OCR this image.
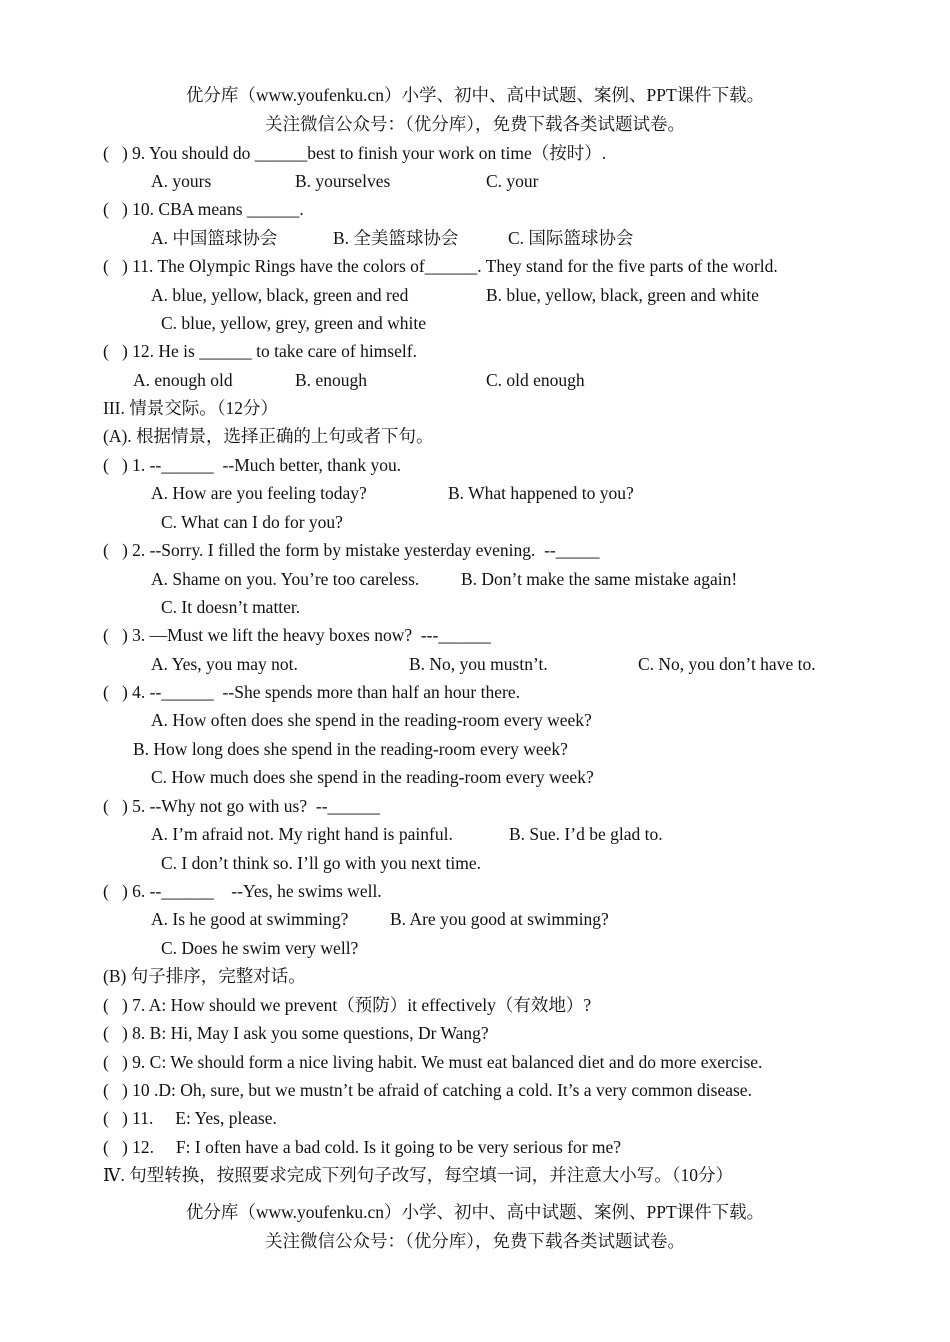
优分库（www.youfenku.cn）小学、初中、高中试题、案例、PPT课件下载。
关注微信公众号：（优分库），免费下载各类试题试卷。
(   ) 9. You should do ______best to finish your work on time（按时）.
A. yours	B. yourselves	C. your
(   ) 10. CBA means ______.
A. 中国篮球协会	B. 全美篮球协会	C. 国际篮球协会
(   ) 11. The Olympic Rings have the colors of______. They stand for the five parts of the world.
A. blue, yellow, black, green and red	B. blue, yellow, black, green and white
C. blue, yellow, grey, green and white
(   ) 12. He is ______ to take care of himself.
A. enough old	B. enough	C. old enough
III. 情景交际。（12分）
(A). 根据情景，选择正确的上句或者下句。
(   ) 1. --______  --Much better, thank you.
A. How are you feeling today?	B. What happened to you?
C. What can I do for you?
(   ) 2. --Sorry. I filled the form by mistake yesterday evening.  --_____
A. Shame on you. You’re too careless. B. Don’t make the same mistake again!
C. It doesn’t matter.
(   ) 3. —Must we lift the heavy boxes now?  ---______
A. Yes, you may not.	B. No, you mustn’t.	C. No, you don’t have to.
(   ) 4. --______  --She spends more than half an hour there.
A. How often does she spend in the reading-room every week?
B. How long does she spend in the reading-room every week?
C. How much does she spend in the reading-room every week?
(   ) 5. --Why not go with us?  --______
A. I’m afraid not. My right hand is painful.	B. Sue. I’d be glad to.
C. I don’t think so. I’ll go with you next time.
(   ) 6. --______    --Yes, he swims well.
A. Is he good at swimming? B. Are you good at swimming?
C. Does he swim very well?
(B) 句子排序，完整对话。
(   ) 7. A: How should we prevent（预防）it effectively（有效地）?
(   ) 8. B: Hi, May I ask you some questions, Dr Wang?
(   ) 9. C: We should form a nice living habit. We must eat balanced diet and do more exercise.
(   ) 10 .D: Oh, sure, but we mustn’t be afraid of catching a cold. It’s a very common disease.
(   ) 11.     E: Yes, please.
(   ) 12.     F: I often have a bad cold. Is it going to be very serious for me?
Ⅳ. 句型转换，按照要求完成下列句子改写，每空填一词，并注意大小写。（10分）
优分库（www.youfenku.cn）小学、初中、高中试题、案例、PPT课件下载。
关注微信公众号：（优分库），免费下载各类试题试卷。
